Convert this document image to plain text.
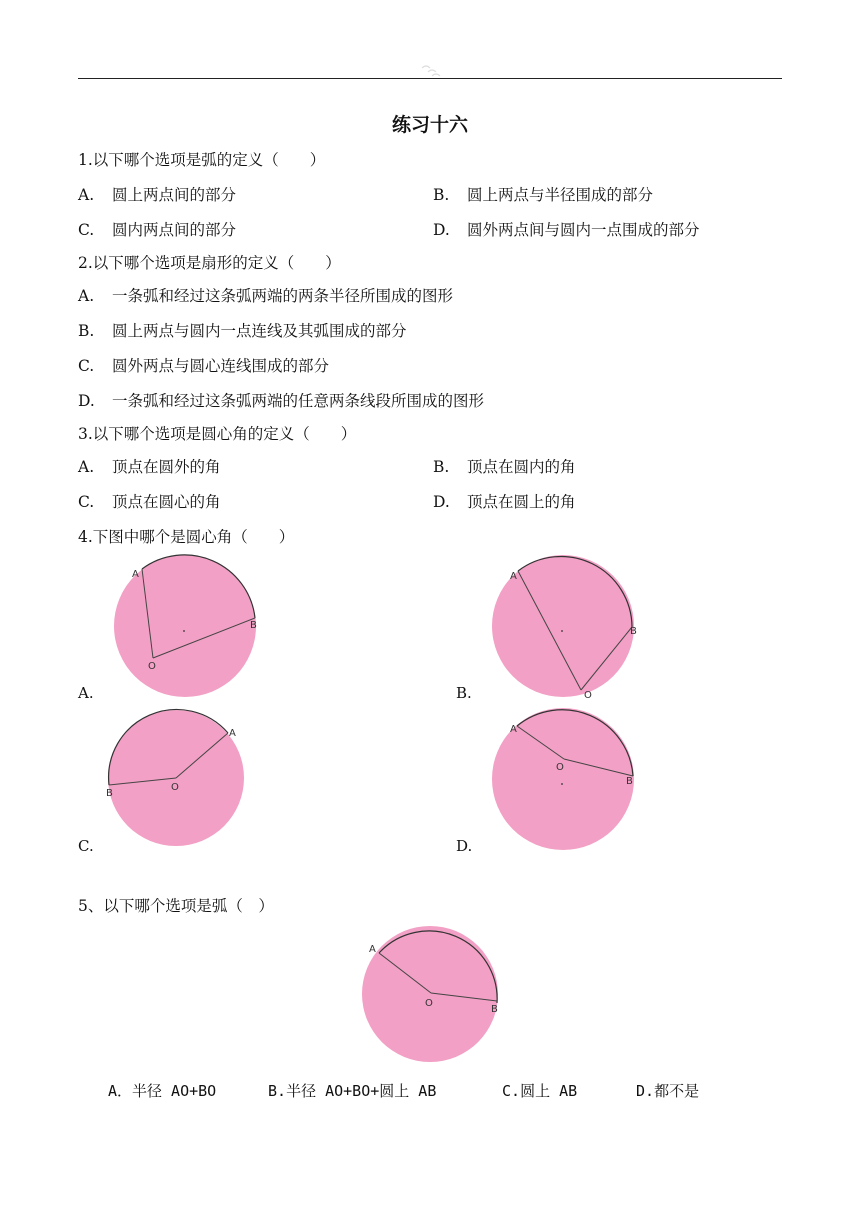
练习十六
1.以下哪个选项是弧的定义（　　）
A. 圆上两点间的部分	B. 圆上两点与半径围成的部分
C. 圆内两点间的部分	D. 圆外两点间与圆内一点围成的部分
2.以下哪个选项是扇形的定义（　　）
A. 一条弧和经过这条弧两端的两条半径所围成的图形
B. 圆上两点与圆内一点连线及其弧围成的部分
C. 圆外两点与圆心连线围成的部分
D. 一条弧和经过这条弧两端的任意两条线段所围成的图形
3.以下哪个选项是圆心角的定义（　　）
A. 顶点在圆外的角	B. 顶点在圆内的角
C. 顶点在圆心的角	D. 顶点在圆上的角
4.下图中哪个是圆心角（　　）
A
B
O
A.
A
B
O
B.
A
B
O
C.
A
B
O
D.
5、以下哪个选项是弧（　）
A
B
O
A．半径 AO+BO	B.半径 AO+BO+圆上 AB	C.圆上 AB	D.都不是
